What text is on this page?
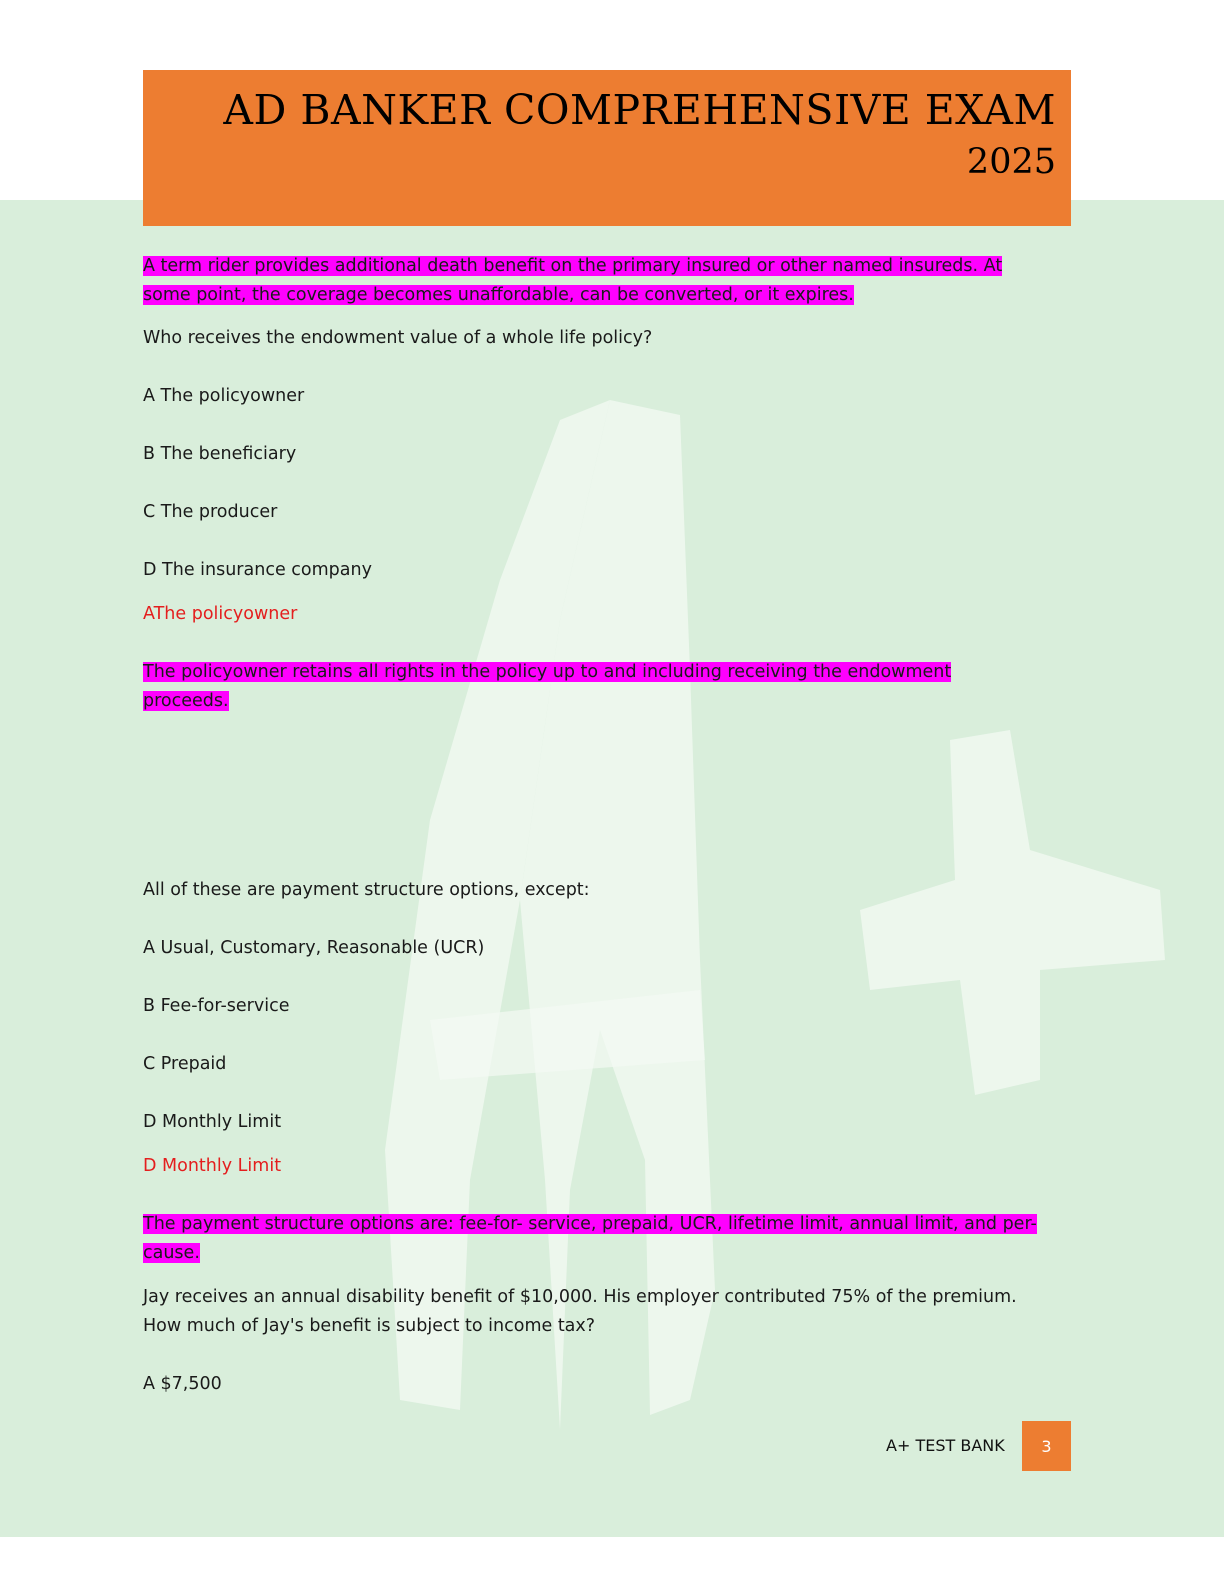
AD BANKER COMPREHENSIVE EXAM
2025
A term rider provides additional death benefit on the primary insured or other named insureds. At
some point, the coverage becomes unaffordable, can be converted, or it expires.
Who receives the endowment value of a whole life policy?
A The policyowner
B The beneficiary
C The producer
D The insurance company
AThe policyowner
The policyowner retains all rights in the policy up to and including receiving the endowment
proceeds.
All of these are payment structure options, except:
A Usual, Customary, Reasonable (UCR)
B Fee-for-service
C Prepaid
D Monthly Limit
D Monthly Limit
The payment structure options are: fee-for- service, prepaid, UCR, lifetime limit, annual limit, and per-
cause.
Jay receives an annual disability benefit of $10,000. His employer contributed 75% of the premium.
How much of Jay's benefit is subject to income tax?
A $7,500
A+ TEST BANK 3
